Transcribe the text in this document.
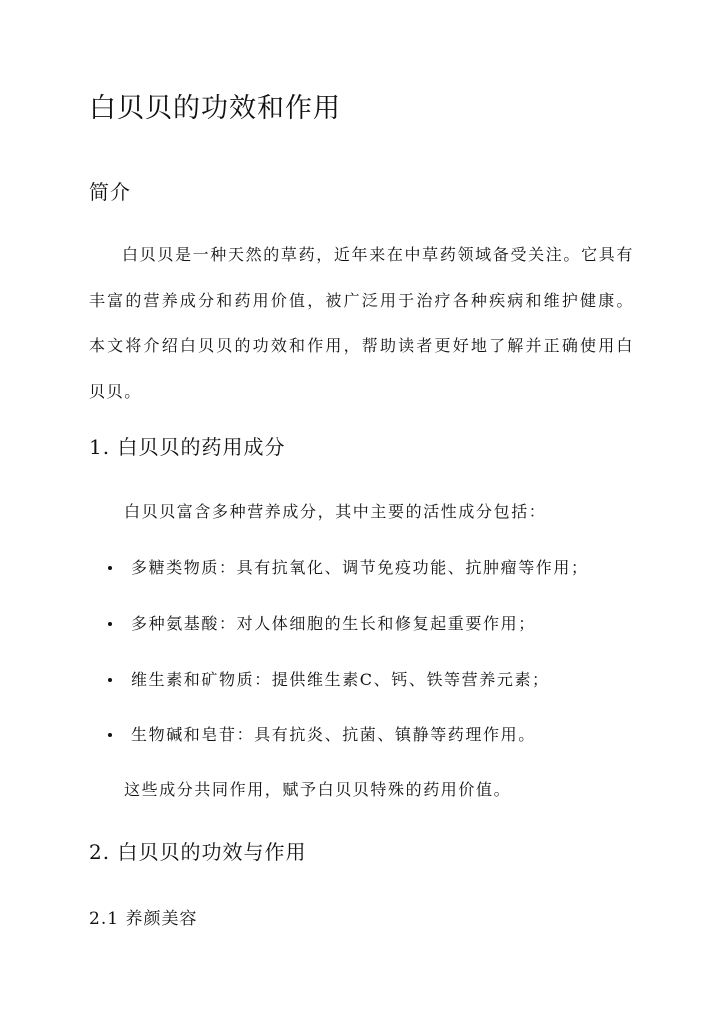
白贝贝的功效和作用
简介

白贝贝是一种天然的草药，近年来在中草药领域备受关注。它具有丰富的营养成分和药用价值，被广泛用于治疗各种疾病和维护健康。本文将介绍白贝贝的功效和作用，帮助读者更好地了解并正确使用白贝贝。

1. 白贝贝的药用成分

白贝贝富含多种营养成分，其中主要的活性成分包括：

多糖类物质：具有抗氧化、调节免疫功能、抗肿瘤等作用；
多种氨基酸：对人体细胞的生长和修复起重要作用；
维生素和矿物质：提供维生素C、钙、铁等营养元素；
生物碱和皂苷：具有抗炎、抗菌、镇静等药理作用。

这些成分共同作用，赋予白贝贝特殊的药用价值。

2. 白贝贝的功效与作用
2.1 养颜美容
